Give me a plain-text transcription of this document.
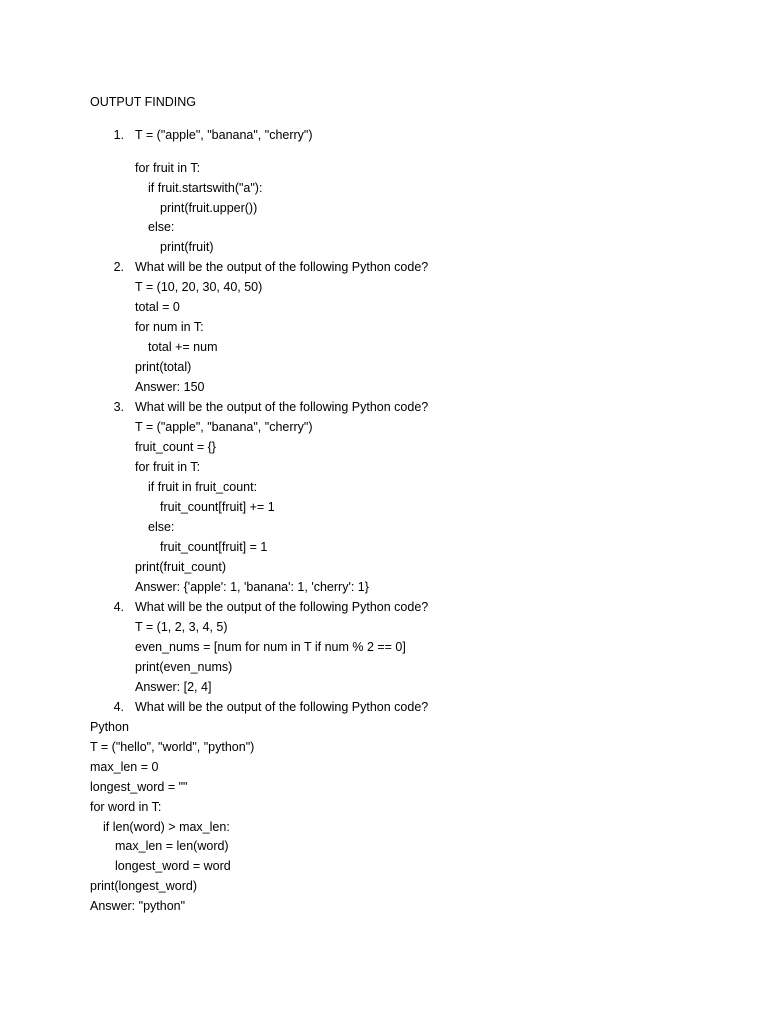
OUTPUT FINDING
1. T = ("apple", "banana", "cherry")
for fruit in T:
if fruit.startswith("a"):
print(fruit.upper())
else:
print(fruit)
2. What will be the output of the following Python code?
T = (10, 20, 30, 40, 50)
total = 0
for num in T:
total += num
print(total)
Answer: 150
3. What will be the output of the following Python code?
T = ("apple", "banana", "cherry")
fruit_count = {}
for fruit in T:
if fruit in fruit_count:
fruit_count[fruit] += 1
else:
fruit_count[fruit] = 1
print(fruit_count)
Answer: {'apple': 1, 'banana': 1, 'cherry': 1}
4. What will be the output of the following Python code?
T = (1, 2, 3, 4, 5)
even_nums = [num for num in T if num % 2 == 0]
print(even_nums)
Answer: [2, 4]
4. What will be the output of the following Python code?
Python
T = ("hello", "world", "python")
max_len = 0
longest_word = ""
for word in T:
if len(word) > max_len:
max_len = len(word)
longest_word = word
print(longest_word)
Answer: "python"
